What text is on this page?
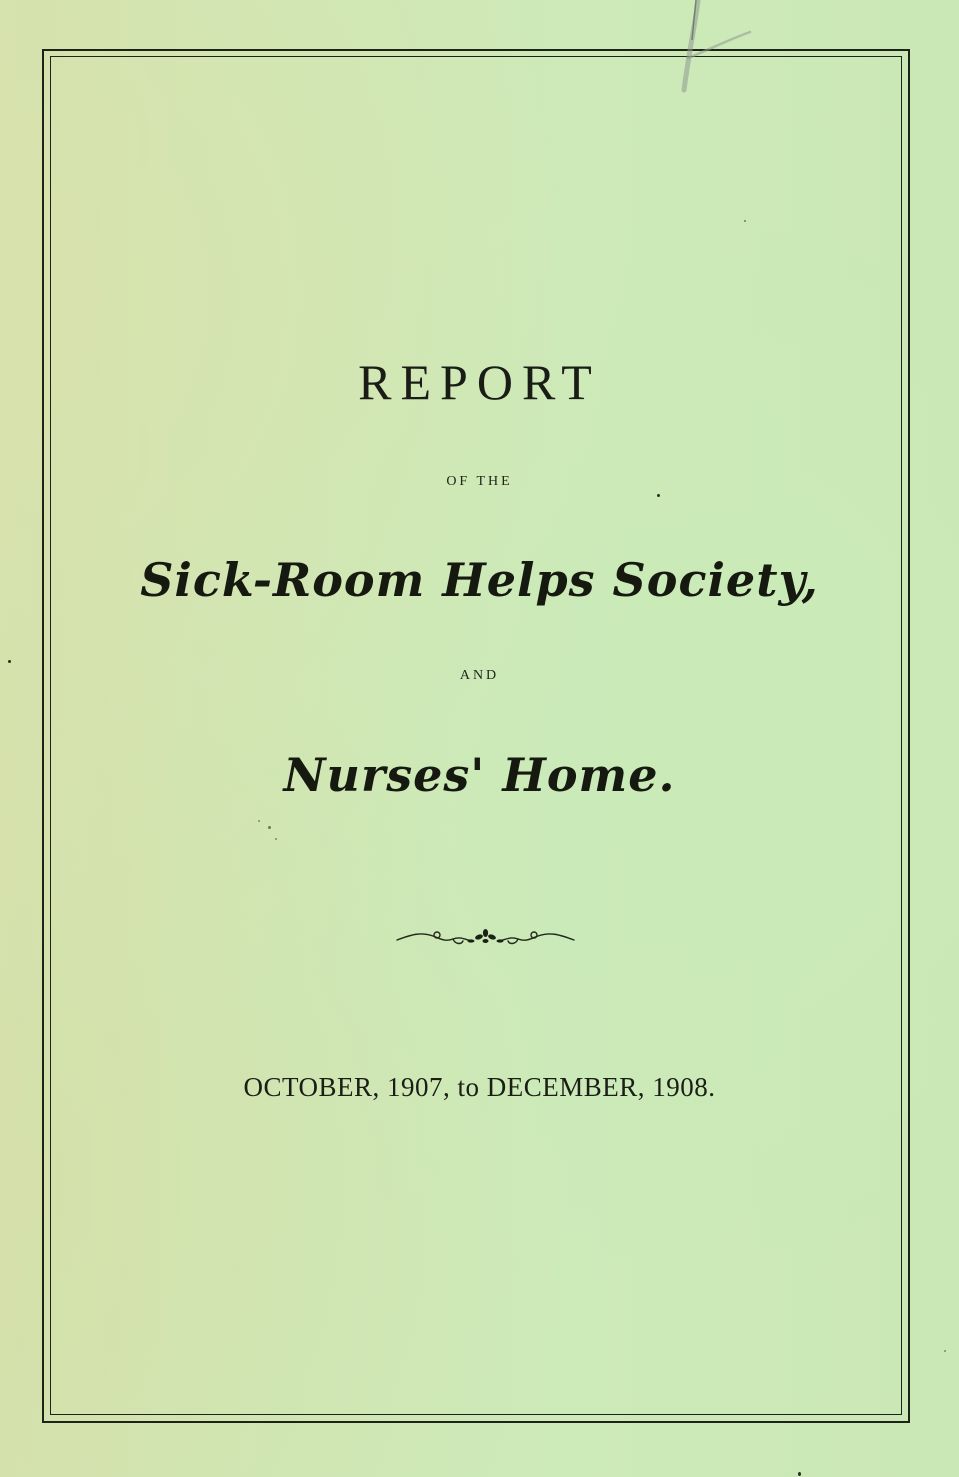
REPORT
OF THE
Sick-Room Helps Society,
AND
Nurses' Home.
OCTOBER, 1907, to DECEMBER, 1908.
